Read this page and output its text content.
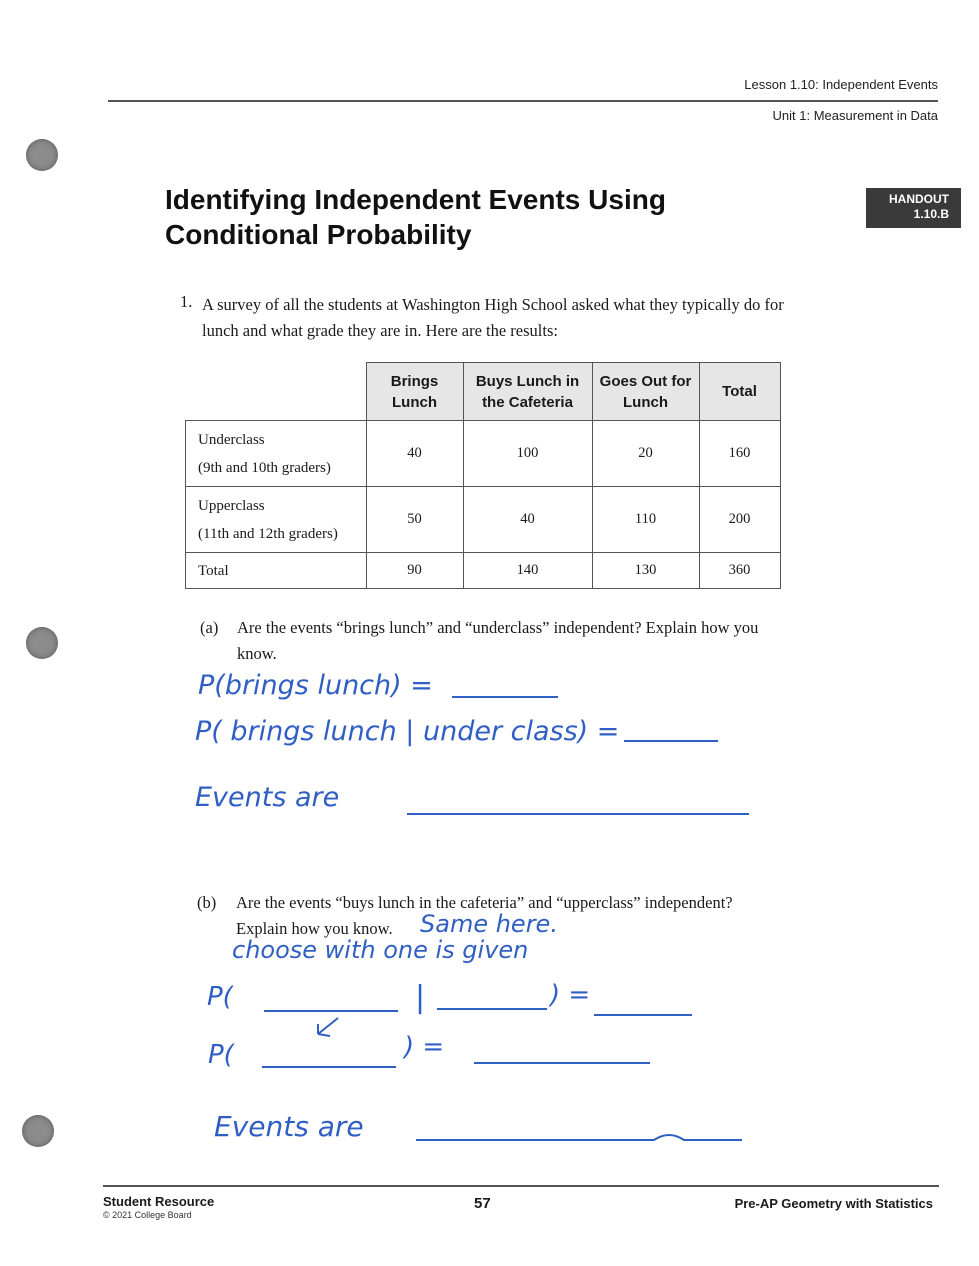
Lesson 1.10: Independent Events
Unit 1: Measurement in Data
Identifying Independent Events Using Conditional Probability
HANDOUT
1.10.B
1. A survey of all the students at Washington High School asked what they typically do for lunch and what grade they are in. Here are the results:
	Brings Lunch	Buys Lunch in the Cafeteria	Goes Out for Lunch	Total

Underclass
(9th and 10th graders)	40	100	20	160

Upperclass
(11th and 12th graders)	50	40	110	200

Total	90	140	130	360
(a) Are the events “brings lunch” and “underclass” independent? Explain how you know.
P(brings lunch) =
P( brings lunch | under class) =
Events are
(b) Are the events “buys lunch in the cafeteria” and “upperclass” independent?
Explain how you know. Same here.
choose with one is given
P(	|	) =
P(	) =
Events are
Student Resource
© 2021 College Board
57	Pre-AP Geometry with Statistics
